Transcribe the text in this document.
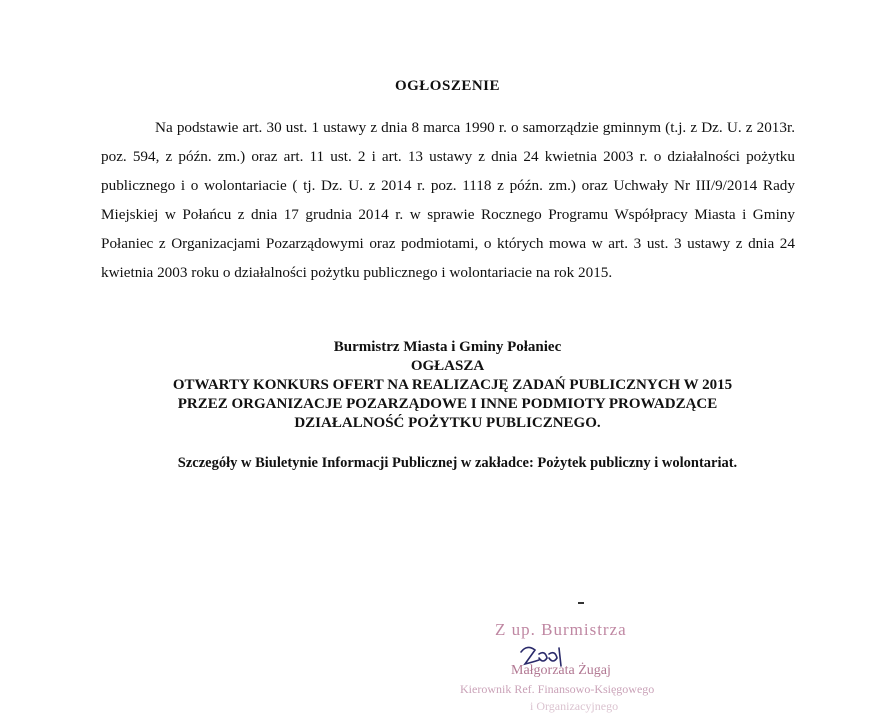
OGŁOSZENIE
Na podstawie art. 30 ust. 1 ustawy z dnia 8 marca 1990 r. o samorządzie gminnym (t.j. z Dz. U. z 2013r. poz. 594, z późn. zm.) oraz art. 11 ust. 2 i art. 13 ustawy z dnia 24 kwietnia 2003 r. o działalności pożytku publicznego i o wolontariacie ( tj. Dz. U. z 2014 r. poz. 1118 z późn. zm.) oraz Uchwały Nr III/9/2014 Rady Miejskiej w Połańcu z dnia 17 grudnia 2014 r. w sprawie Rocznego Programu Współpracy Miasta i Gminy Połaniec z Organizacjami Pozarządowymi oraz podmiotami, o których mowa w art. 3 ust. 3 ustawy z dnia 24 kwietnia 2003 roku o działalności pożytku publicznego i wolontariacie na rok 2015.
Burmistrz Miasta i Gminy Połaniec
OGŁASZA
OTWARTY KONKURS OFERT NA REALIZACJĘ ZADAŃ PUBLICZNYCH W 2015
PRZEZ ORGANIZACJE POZARZĄDOWE I INNE PODMIOTY PROWADZĄCE
DZIAŁALNOŚĆ POŻYTKU PUBLICZNEGO.
Szczegóły w Biuletynie Informacji Publicznej w zakładce: Pożytek publiczny i wolontariat.
Z up. Burmistrza
Małgorzata Żugaj
Kierownik Ref. Finansowo-Księgowego
i Organizacyjnego
